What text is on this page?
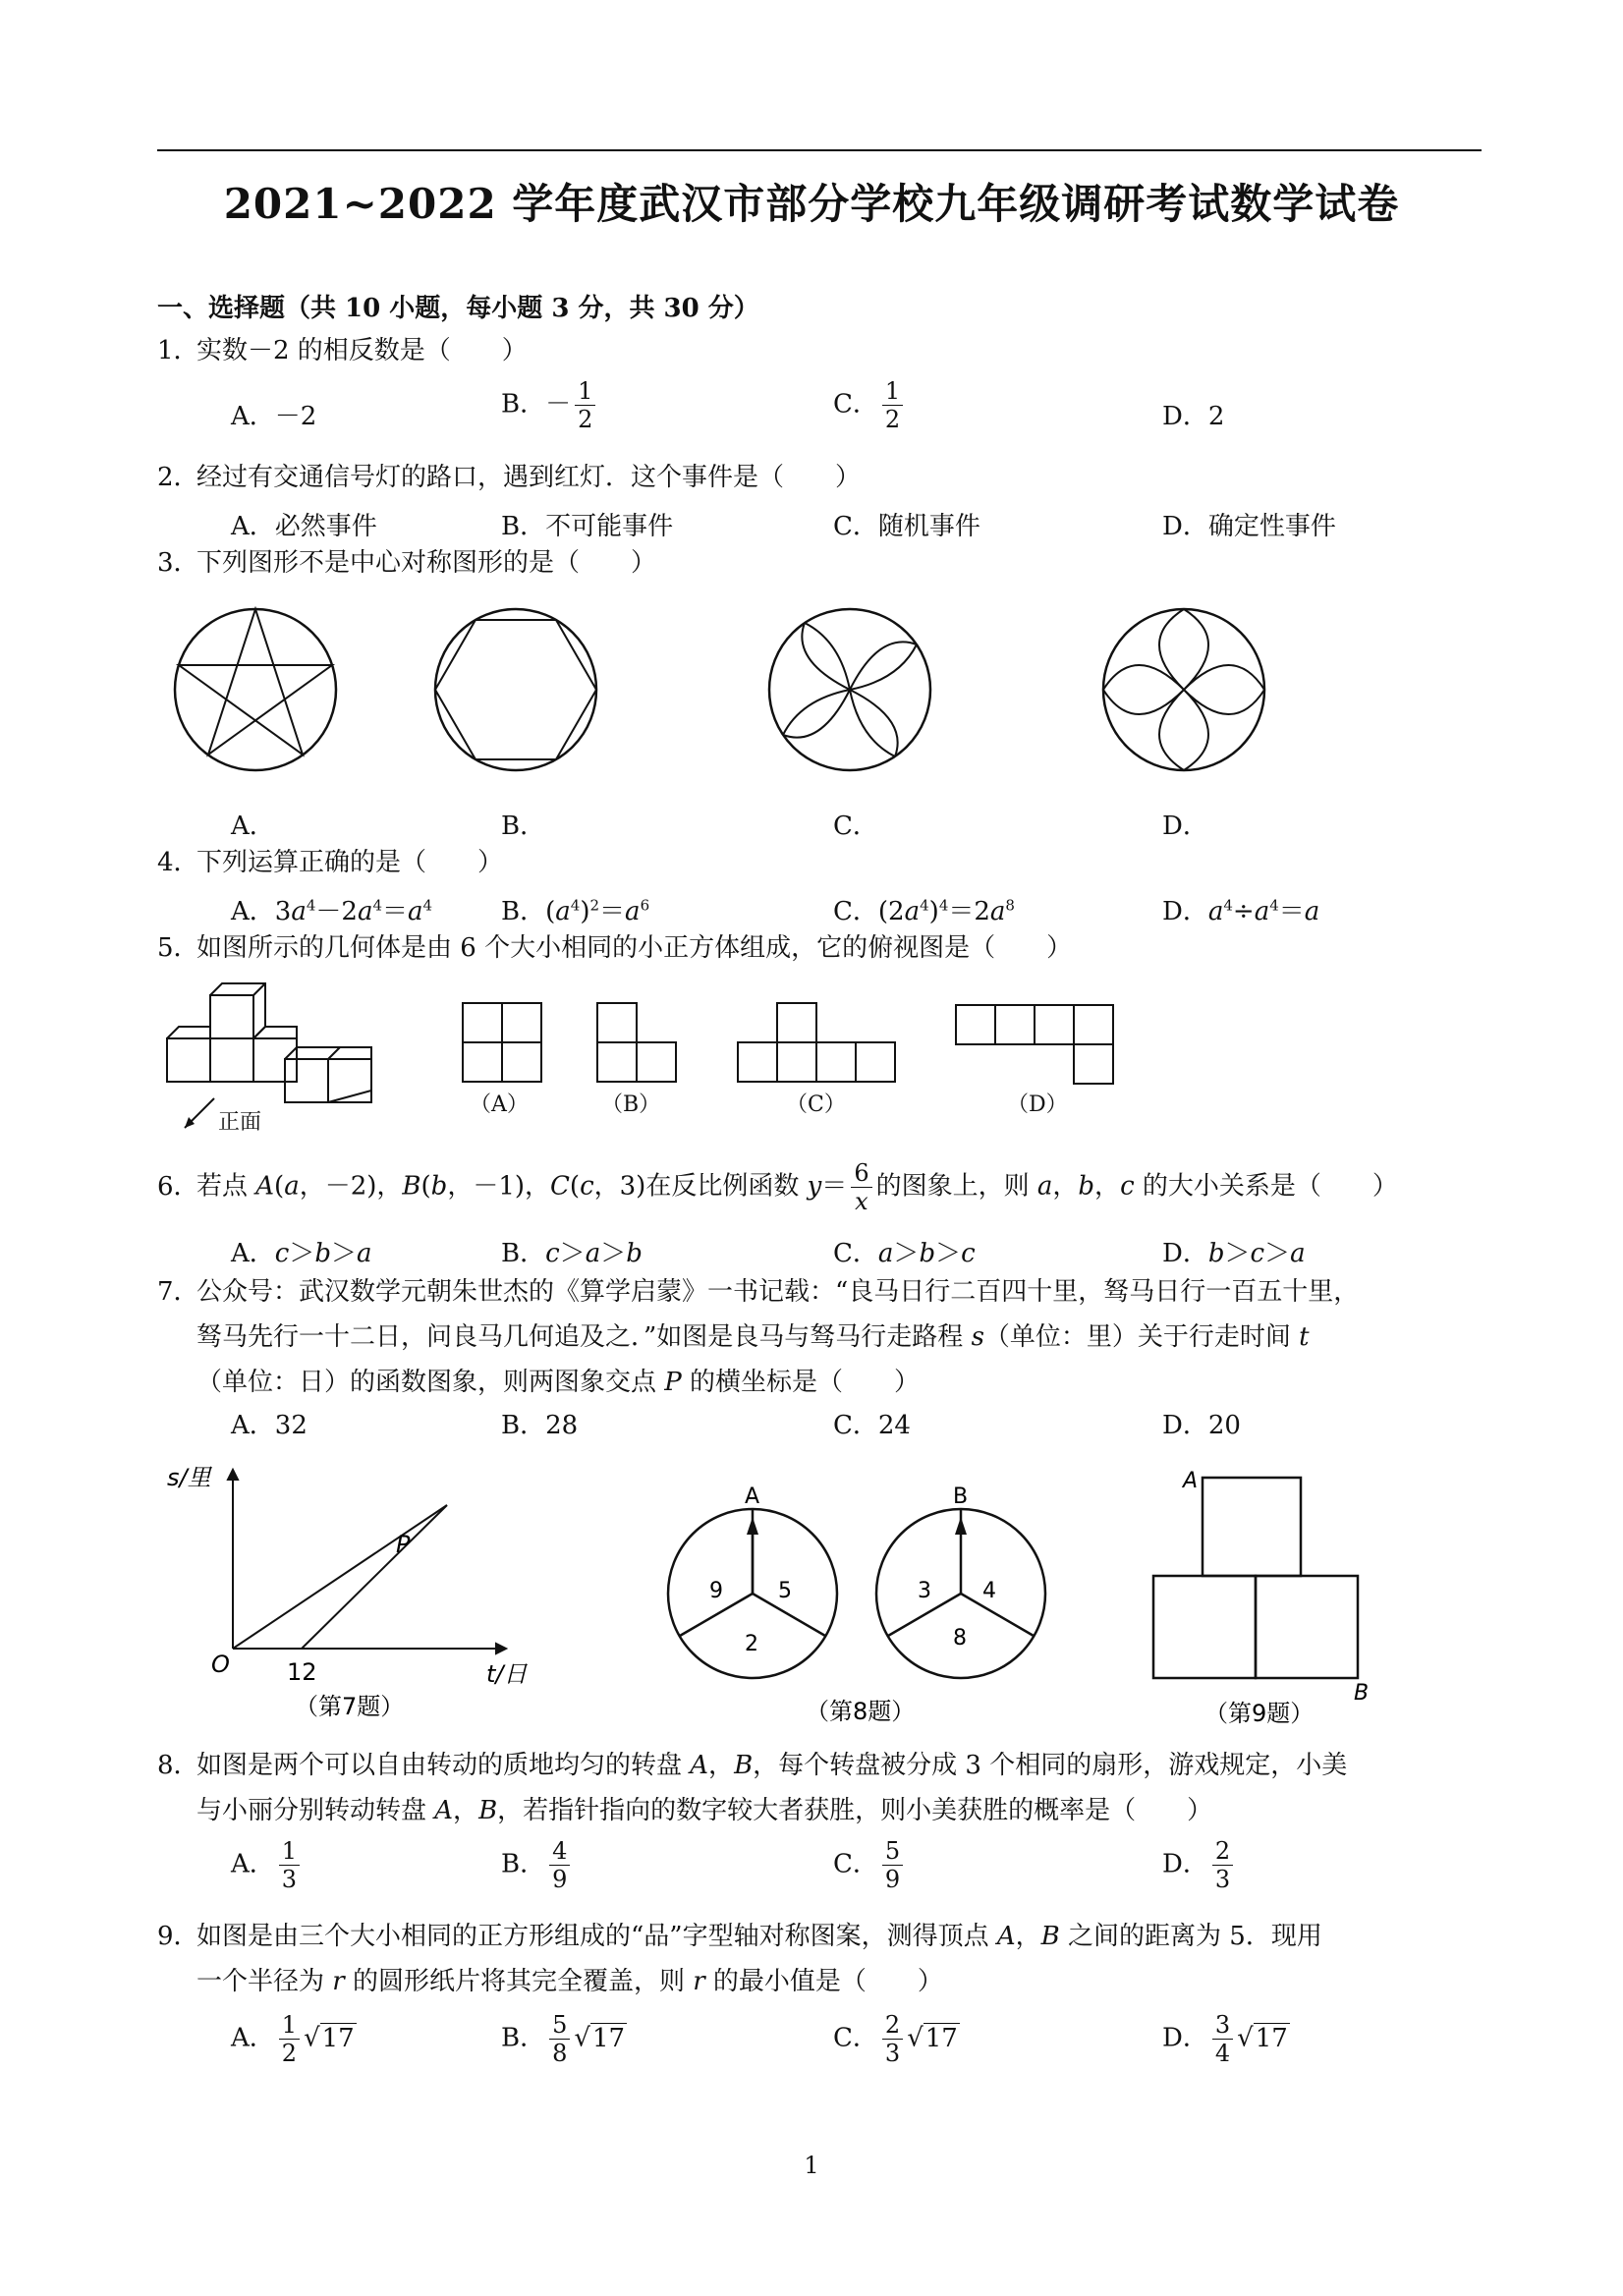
2021~2022 学年度武汉市部分学校九年级调研考试数学试卷
一、选择题（共 10 小题，每小题 3 分，共 30 分）
1．实数－2 的相反数是（　　）
A．－2	B．－ $\frac{1}{2}$	C． $\frac{1}{2}$	D．2
2．经过有交通信号灯的路口，遇到红灯．这个事件是（　　）
A．必然事件	B．不可能事件	C．随机事件	D．确定性事件
3．下列图形不是中心对称图形的是（　　）
A．	B．	C．	D．
4．下列运算正确的是（　　）
A．$3a^4-2a^4=a^4$	B．$(a^4)^2=a^6$	C．$(2a^4)^4=2a^8$	D．$a^4\div a^4=a$
5．如图所示的几何体是由 6 个大小相同的小正方体组成，它的俯视图是（　　）
正面
（A）	（B）	（C）	（D）
6．若点 A(a，－2)，B(b，－1)，C(c，3)在反比例函数 $y= \frac{6}{x}$ 的图象上，则 a，b，c 的大小关系是（　　）
A．c＞b＞a	B．c＞a＞b	C．a＞b＞c	D．b＞c＞a
7．公众号：武汉数学元朝朱世杰的《算学启蒙》一书记载：“良马日行二百四十里，驽马日行一百五十里，
驽马先行一十二日，问良马几何追及之．”如图是良马与驽马行走路程 s（单位：里）关于行走时间 t
（单位：日）的函数图象，则两图象交点 P 的横坐标是（　　）
A．32	B．28	C．24	D．20
s/里
t/日
O 12
P
（第7题）
A	B
9	5
2
3 4
8
（第8题）
A
B
（第9题）
8．如图是两个可以自由转动的质地均匀的转盘 A，B，每个转盘被分成 3 个相同的扇形，游戏规定，小美
与小丽分别转动转盘 A，B，若指针指向的数字较大者获胜，则小美获胜的概率是（　　）
A． $\frac{1}{3}$	B． $\frac{4}{9}$	C． $\frac{5}{9}$	D． $\frac{2}{3}$
9．如图是由三个大小相同的正方形组成的“品”字型轴对称图案，测得顶点 A，B 之间的距离为 5．现用
一个半径为 r 的圆形纸片将其完全覆盖，则 r 的最小值是（　　）
A． $\frac{1}{2} √17$	B． $\frac{5}{8} √17$	C． $\frac{2}{3} √17$	D． $\frac{3}{4} √17$
1
